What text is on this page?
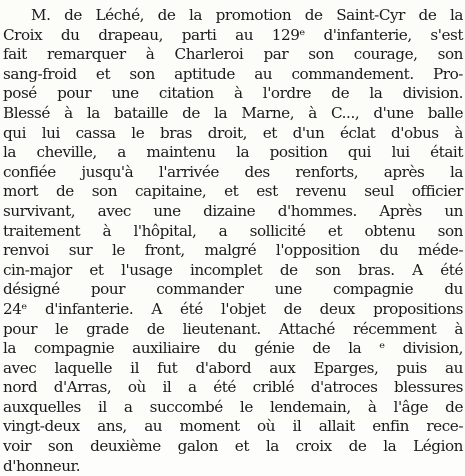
M. de Léché, de la promotion de Saint-Cyr de la
Croix du drapeau, parti au 129ᵉ d'infanterie, s'est
fait remarquer à Charleroi par son courage, son
sang-froid et son aptitude au commandement. Pro-
posé pour une citation à l'ordre de la division.
Blessé à la bataille de la Marne, à C..., d'une balle
qui lui cassa le bras droit, et d'un éclat d'obus à
la cheville, a maintenu la position qui lui était
confiée jusqu'à l'arrivée des renforts, après la
mort de son capitaine, et est revenu seul officier
survivant, avec une dizaine d'hommes. Après un
traitement à l'hôpital, a sollicité et obtenu son
renvoi sur le front, malgré l'opposition du méde-
cin-major et l'usage incomplet de son bras. A été
désigné pour commander une compagnie du
24ᵉ d'infanterie. A été l'objet de deux propositions
pour le grade de lieutenant. Attaché récemment à
la compagnie auxiliaire du génie de la ᵉ division,
avec laquelle il fut d'abord aux Eparges, puis au
nord d'Arras, où il a été criblé d'atroces blessures
auxquelles il a succombé le lendemain, à l'âge de
vingt-deux ans, au moment où il allait enfin rece-
voir son deuxième galon et la croix de la Légion
d'honneur.
